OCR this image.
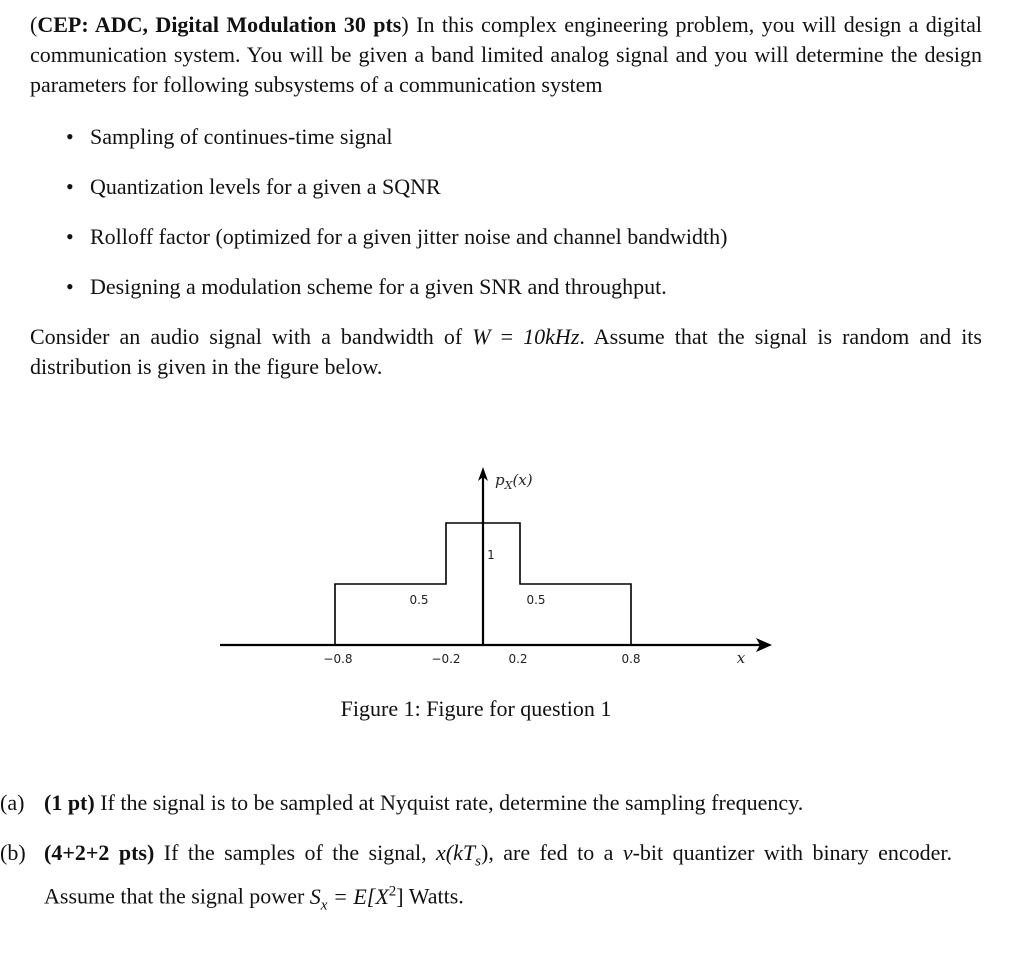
(CEP: ADC, Digital Modulation 30 pts) In this complex engineering problem, you will design a digital communication system. You will be given a band limited analog signal and you will determine the design parameters for following subsystems of a communication system

• Sampling of continues-time signal
• Quantization levels for a given a SQNR
• Rolloff factor (optimized for a given jitter noise and channel bandwidth)
• Designing a modulation scheme for a given SNR and throughput.

Consider an audio signal with a bandwidth of W = 10kHz. Assume that the signal is random and its distribution is given in the figure below.

−0.8	−0.2	0.2	0.8	x
0.5
1
0.5
$p_X(x)$

Figure 1: Figure for question 1

(a) (1 pt) If the signal is to be sampled at Nyquist rate, determine the sampling frequency.
(b) (4+2+2 pts) If the samples of the signal, $x(kT_s)$, are fed to a v-bit quantizer with binary encoder. Assume that the signal power $S_x = E[X^2]$ Watts.
